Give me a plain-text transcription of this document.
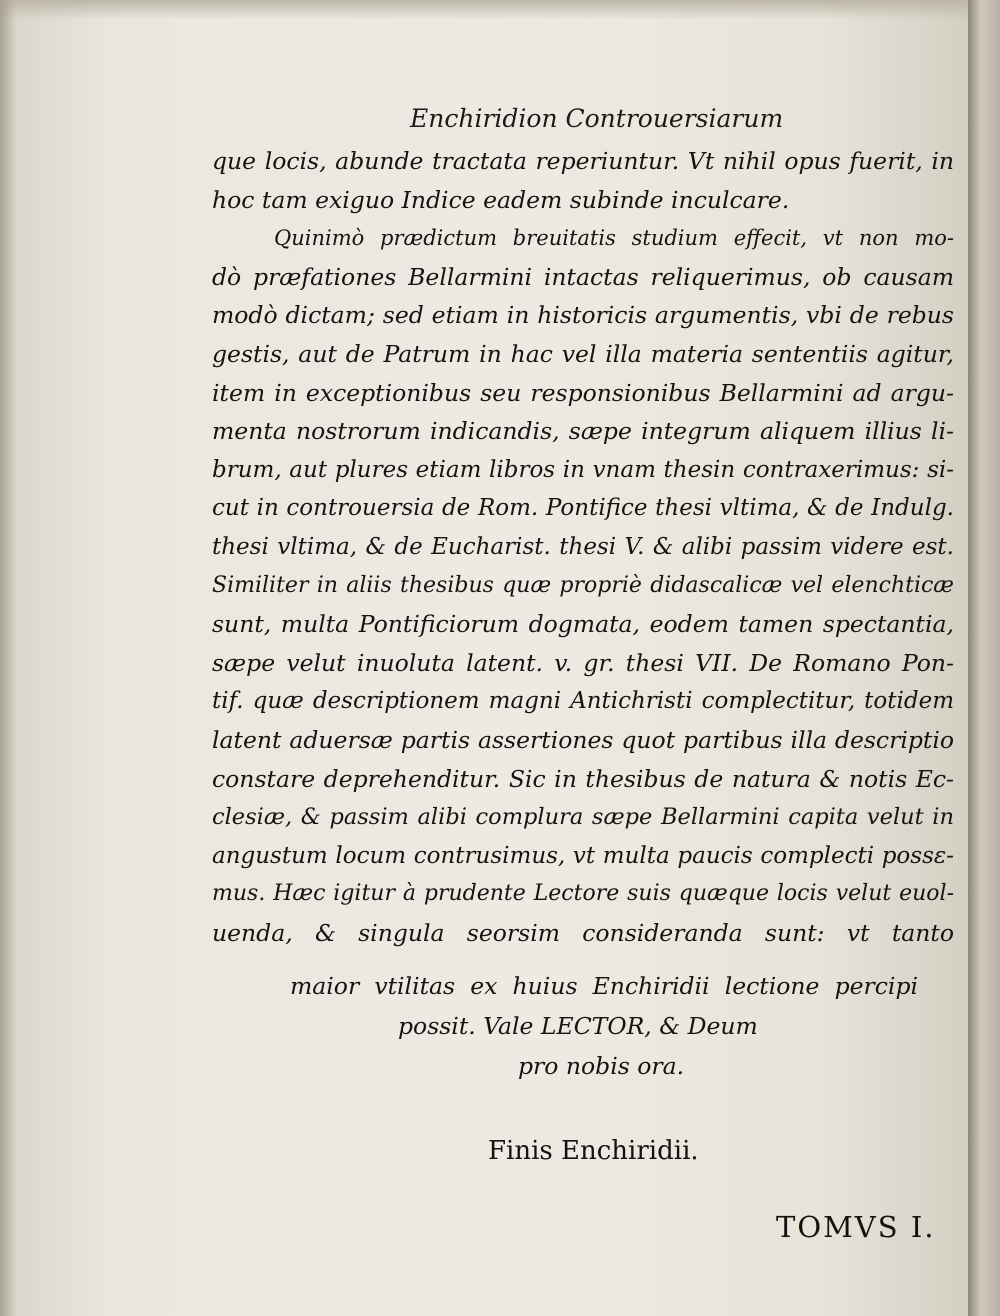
Enchiridion Controuersiarum
que locis, abunde tractata reperiuntur. Vt nihil opus fuerit, in
hoc tam exiguo Indice eadem subinde inculcare.
Quinimò prædictum breuitatis studium effecit, vt non mo-
dò præfationes Bellarmini intactas reliquerimus, ob causam
modò dictam; sed etiam in historicis argumentis, vbi de rebus
gestis, aut de Patrum in hac vel illa materia sententiis agitur,
item in exceptionibus seu responsionibus Bellarmini ad argu-
menta nostrorum indicandis, sæpe integrum aliquem illius li-
brum, aut plures etiam libros in vnam thesin contraxerimus: si-
cut in controuersia de Rom. Pontifice thesi vltima, & de Indulg.
thesi vltima, & de Eucharist. thesi V. & alibi passim videre est.
Similiter in aliis thesibus quæ propriè didascalicæ vel elenchticæ
sunt, multa Pontificiorum dogmata, eodem tamen spectantia,
sæpe velut inuoluta latent. v. gr. thesi VII. De Romano Pon-
tif. quæ descriptionem magni Antichristi complectitur, totidem
latent aduersæ partis assertiones quot partibus illa descriptio
constare deprehenditur. Sic in thesibus de natura & notis Ec-
clesiæ, & passim alibi complura sæpe Bellarmini capita velut in
angustum locum contrusimus, vt multa paucis complecti possε-
mus. Hæc igitur à prudente Lectore suis quæque locis velut euol-
uenda, & singula seorsim consideranda sunt: vt tanto
maior vtilitas ex huius Enchiridii lectione percipi
possit. Vale LECTOR, & Deum
pro nobis ora.
Finis Enchiridii.
TOMVS I.
